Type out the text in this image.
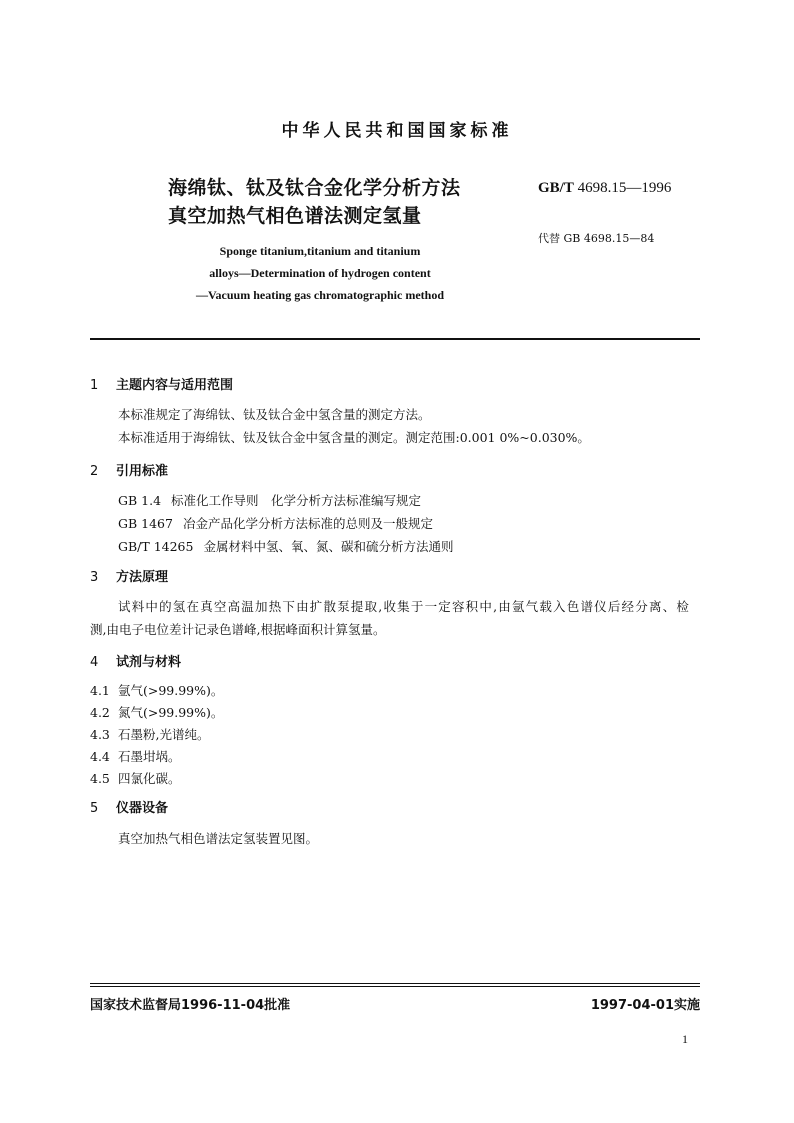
中华人民共和国国家标准
海绵钛、钛及钛合金化学分析方法
真空加热气相色谱法测定氢量
GB/T 4698.15—1996
代替 GB 4698.15—84
Sponge titanium,titanium and titanium
alloys—Determination of hydrogen content
—Vacuum heating gas chromatographic method
1 主题内容与适用范围
本标准规定了海绵钛、钛及钛合金中氢含量的测定方法。
本标准适用于海绵钛、钛及钛合金中氢含量的测定。测定范围:0.001 0%~0.030%。
2 引用标准
GB 1.4 标准化工作导则　化学分析方法标准编写规定
GB 1467 冶金产品化学分析方法标准的总则及一般规定
GB/T 14265 金属材料中氢、氧、氮、碳和硫分析方法通则
3 方法原理
试料中的氢在真空高温加热下由扩散泵提取,收集于一定容积中,由氩气载入色谱仪后经分离、检
测,由电子电位差计记录色谱峰,根据峰面积计算氢量。
4 试剂与材料
4.1 氩气(>99.99%)。
4.2 氮气(>99.99%)。
4.3 石墨粉,光谱纯。
4.4 石墨坩埚。
4.5 四氯化碳。
5 仪器设备
真空加热气相色谱法定氢装置见图。
国家技术监督局1996-11-04批准	1997-04-01实施
1
